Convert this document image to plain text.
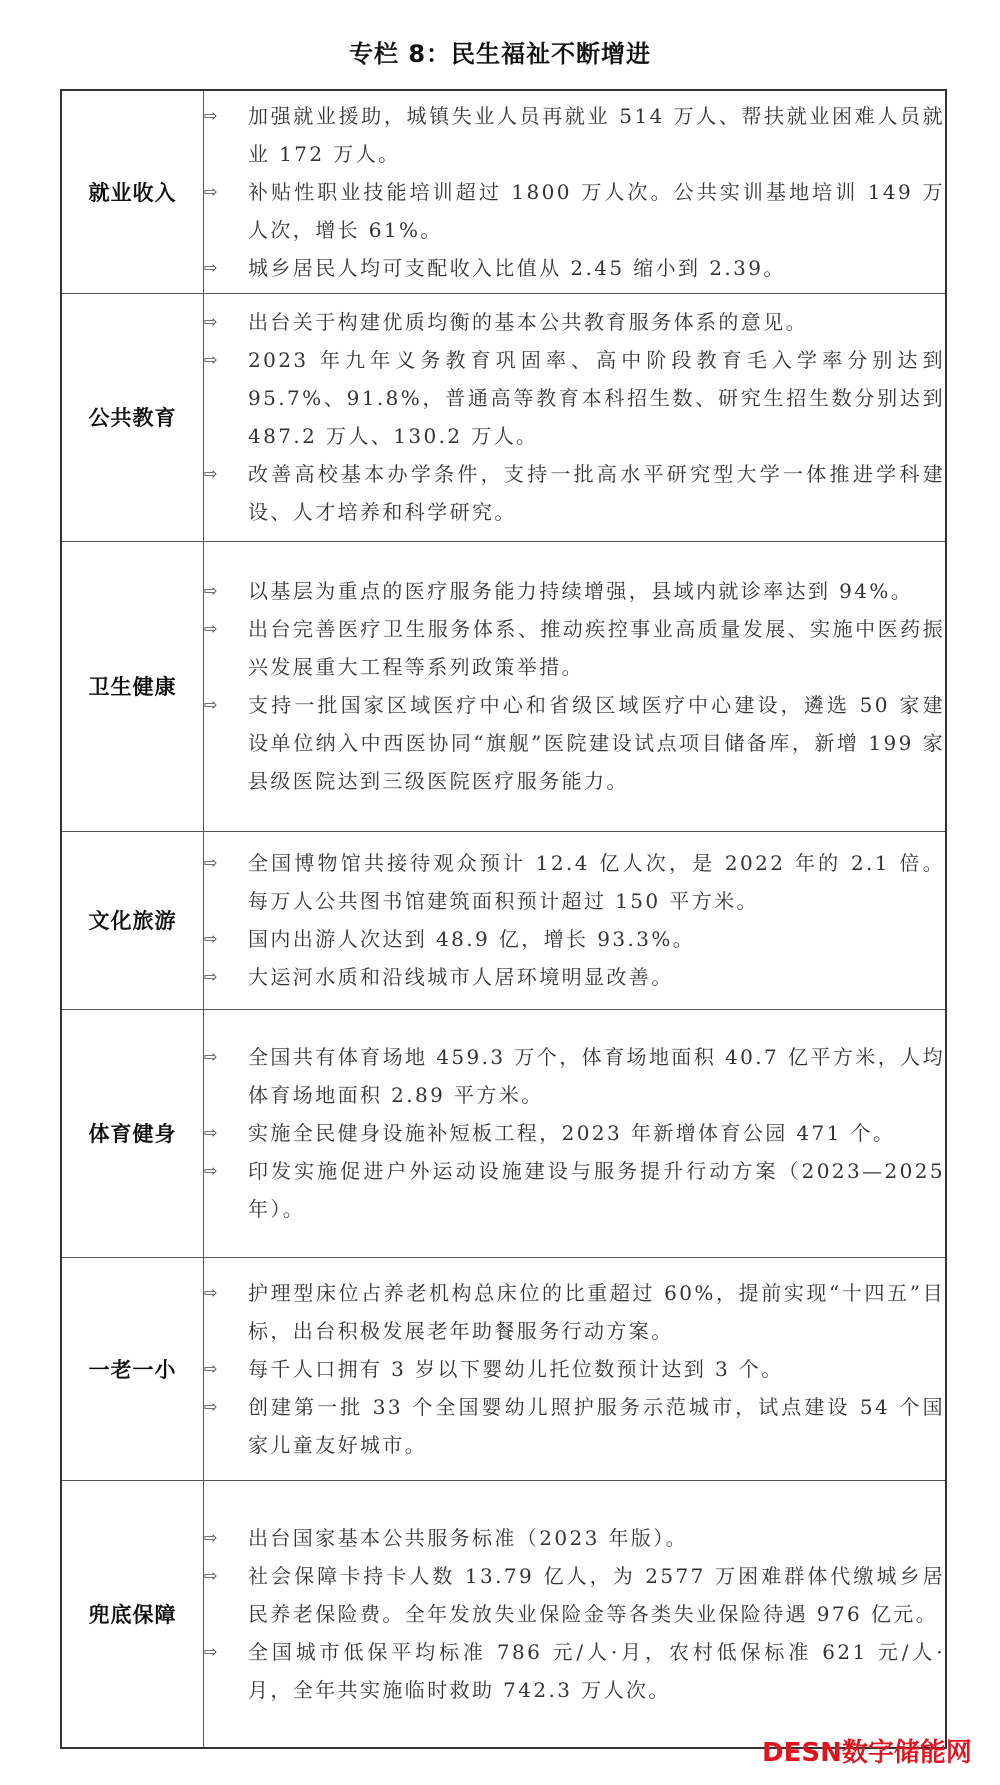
专栏 8：民生福祉不断增进
就业收入	
⇨	加强就业援助，城镇失业人员再就业 514 万人、帮扶就业困难人员就业 172 万人。
⇨	补贴性职业技能培训超过 1800 万人次。公共实训基地培训 149 万人次，增长 61%。
⇨	城乡居民人均可支配收入比值从 2.45 缩小到 2.39。

公共教育	
⇨	出台关于构建优质均衡的基本公共教育服务体系的意见。
⇨	2023 年九年义务教育巩固率、高中阶段教育毛入学率分别达到 95.7%、91.8%，普通高等教育本科招生数、研究生招生数分别达到 487.2 万人、130.2 万人。
⇨	改善高校基本办学条件，支持一批高水平研究型大学一体推进学科建设、人才培养和科学研究。

卫生健康	
⇨	以基层为重点的医疗服务能力持续增强，县域内就诊率达到 94%。
⇨	出台完善医疗卫生服务体系、推动疾控事业高质量发展、实施中医药振兴发展重大工程等系列政策举措。
⇨	支持一批国家区域医疗中心和省级区域医疗中心建设，遴选 50 家建设单位纳入中西医协同“旗舰”医院建设试点项目储备库，新增 199 家县级医院达到三级医院医疗服务能力。

文化旅游	
⇨	全国博物馆共接待观众预计 12.4 亿人次，是 2022 年的 2.1 倍。每万人公共图书馆建筑面积预计超过 150 平方米。
⇨	国内出游人次达到 48.9 亿，增长 93.3%。
⇨	大运河水质和沿线城市人居环境明显改善。

体育健身	
⇨	全国共有体育场地 459.3 万个，体育场地面积 40.7 亿平方米，人均体育场地面积 2.89 平方米。
⇨	实施全民健身设施补短板工程，2023 年新增体育公园 471 个。
⇨	印发实施促进户外运动设施建设与服务提升行动方案（2023—2025 年）。

一老一小	
⇨	护理型床位占养老机构总床位的比重超过 60%，提前实现“十四五”目标，出台积极发展老年助餐服务行动方案。
⇨	每千人口拥有 3 岁以下婴幼儿托位数预计达到 3 个。
⇨	创建第一批 33 个全国婴幼儿照护服务示范城市，试点建设 54 个国家儿童友好城市。

兜底保障	
⇨	出台国家基本公共服务标准（2023 年版）。
⇨	社会保障卡持卡人数 13.79 亿人，为 2577 万困难群体代缴城乡居民养老保险费。全年发放失业保险金等各类失业保险待遇 976 亿元。
⇨	全国城市低保平均标准 786 元/人·月，农村低保标准 621 元/人·月，全年共实施临时救助 742.3 万人次。
DESN数字储能网
